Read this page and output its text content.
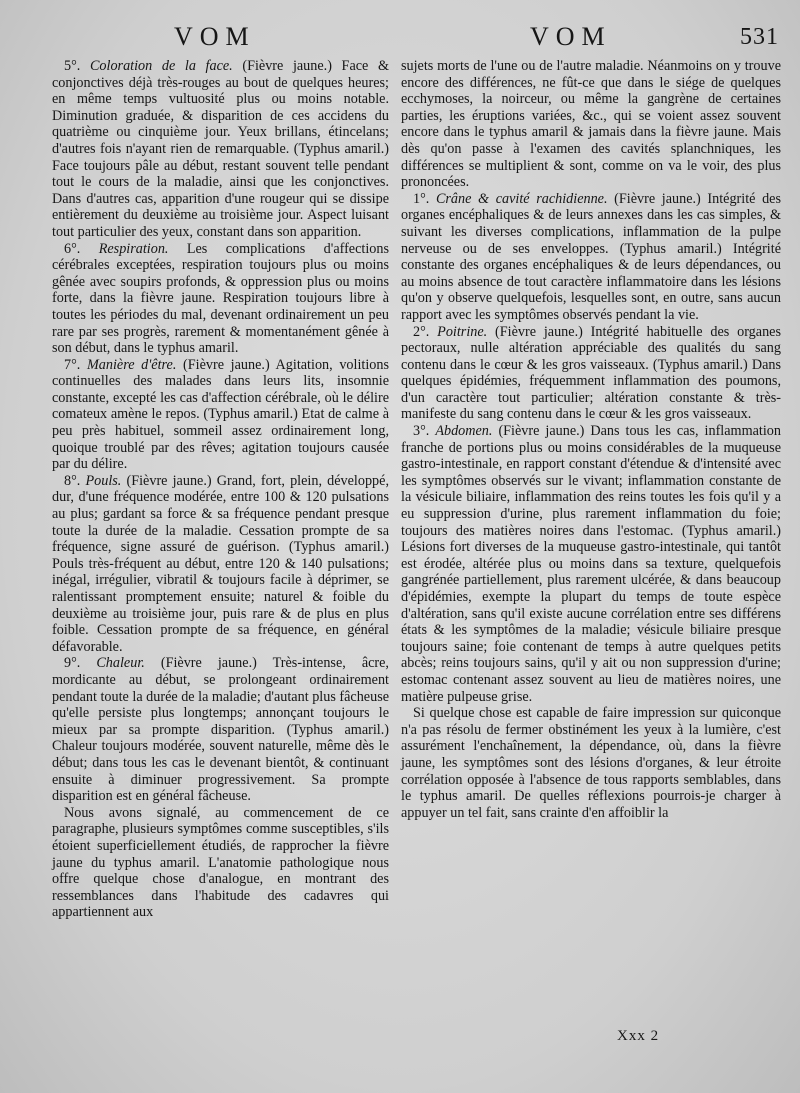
VOM	VOM	531

5°. Coloration de la face. (Fièvre jaune.) Face & conjonctives déjà très-rouges au bout de quelques heures; en même temps vultuosité plus ou moins notable. Diminution graduée, & disparition de ces accidens du quatrième ou cinquième jour. Yeux brillans, étincelans; d'autres fois n'ayant rien de remarquable. (Typhus amaril.) Face toujours pâle au début, restant souvent telle pendant tout le cours de la maladie, ainsi que les conjonctives. Dans d'autres cas, apparition d'une rougeur qui se dissipe entièrement du deuxième au troisième jour. Aspect luisant tout particulier des yeux, constant dans son apparition.

6°. Respiration. Les complications d'affections cérébrales exceptées, respiration toujours plus ou moins gênée avec soupirs profonds, & oppression plus ou moins forte, dans la fièvre jaune. Respiration toujours libre à toutes les périodes du mal, devenant ordinairement un peu rare par ses progrès, rarement & momentanément gênée à son début, dans le typhus amaril.

7°. Manière d'être. (Fièvre jaune.) Agitation, volitions continuelles des malades dans leurs lits, insomnie constante, excepté les cas d'affection cérébrale, où le délire comateux amène le repos. (Typhus amaril.) Etat de calme à peu près habituel, sommeil assez ordinairement long, quoique troublé par des rêves; agitation toujours causée par du délire.

8°. Pouls. (Fièvre jaune.) Grand, fort, plein, développé, dur, d'une fréquence modérée, entre 100 & 120 pulsations au plus; gardant sa force & sa fréquence pendant presque toute la durée de la maladie. Cessation prompte de sa fréquence, signe assuré de guérison. (Typhus amaril.) Pouls très-fréquent au début, entre 120 & 140 pulsations; inégal, irrégulier, vibratil & toujours facile à déprimer, se ralentissant promptement ensuite; naturel & foible du deuxième au troisième jour, puis rare & de plus en plus foible. Cessation prompte de sa fréquence, en général défavorable.

9°. Chaleur. (Fièvre jaune.) Très-intense, âcre, mordicante au début, se prolongeant ordinairement pendant toute la durée de la maladie; d'autant plus fâcheuse qu'elle persiste plus longtemps; annonçant toujours le mieux par sa prompte disparition. (Typhus amaril.) Chaleur toujours modérée, souvent naturelle, même dès le début; dans tous les cas le devenant bientôt, & continuant ensuite à diminuer progressivement. Sa prompte disparition est en général fâcheuse.

Nous avons signalé, au commencement de ce paragraphe, plusieurs symptômes comme susceptibles, s'ils étoient superficiellement étudiés, de rapprocher la fièvre jaune du typhus amaril. L'anatomie pathologique nous offre quelque chose d'analogue, en montrant des ressemblances dans l'habitude des cadavres qui appartiennent aux

sujets morts de l'une ou de l'autre maladie. Néanmoins on y trouve encore des différences, ne fût-ce que dans le siége de quelques ecchymoses, la noirceur, ou même la gangrène de certaines parties, les éruptions variées, &c., qui se voient assez souvent encore dans le typhus amaril & jamais dans la fièvre jaune. Mais dès qu'on passe à l'examen des cavités splanchniques, les différences se multiplient & sont, comme on va le voir, des plus prononcées.

1°. Crâne & cavité rachidienne. (Fièvre jaune.) Intégrité des organes encéphaliques & de leurs annexes dans les cas simples, & suivant les diverses complications, inflammation de la pulpe nerveuse ou de ses enveloppes. (Typhus amaril.) Intégrité constante des organes encéphaliques & de leurs dépendances, ou au moins absence de tout caractère inflammatoire dans les lésions qu'on y observe quelquefois, lesquelles sont, en outre, sans aucun rapport avec les symptômes observés pendant la vie.

2°. Poitrine. (Fièvre jaune.) Intégrité habituelle des organes pectoraux, nulle altération appréciable des qualités du sang contenu dans le cœur & les gros vaisseaux. (Typhus amaril.) Dans quelques épidémies, fréquemment inflammation des poumons, d'un caractère tout particulier; altération constante & très-manifeste du sang contenu dans le cœur & les gros vaisseaux.

3°. Abdomen. (Fièvre jaune.) Dans tous les cas, inflammation franche de portions plus ou moins considérables de la muqueuse gastro-intestinale, en rapport constant d'étendue & d'intensité avec les symptômes observés sur le vivant; inflammation constante de la vésicule biliaire, inflammation des reins toutes les fois qu'il y a eu suppression d'urine, plus rarement inflammation du foie; toujours des matières noires dans l'estomac. (Typhus amaril.) Lésions fort diverses de la muqueuse gastro-intestinale, qui tantôt est érodée, altérée plus ou moins dans sa texture, quelquefois gangrénée partiellement, plus rarement ulcérée, & dans beaucoup d'épidémies, exempte la plupart du temps de toute espèce d'altération, sans qu'il existe aucune corrélation entre ses différens états & les symptômes de la maladie; vésicule biliaire presque toujours saine; foie contenant de temps à autre quelques petits abcès; reins toujours sains, qu'il y ait ou non suppression d'urine; estomac contenant assez souvent au lieu de matières noires, une matière pulpeuse grise.

Si quelque chose est capable de faire impression sur quiconque n'a pas résolu de fermer obstinément les yeux à la lumière, c'est assurément l'enchaînement, la dépendance, où, dans la fièvre jaune, les symptômes sont des lésions d'organes, & leur étroite corrélation opposée à l'absence de tous rapports semblables, dans le typhus amaril. De quelles réflexions pourrois-je charger à appuyer un tel fait, sans crainte d'en affoiblir la

Xxx 2
